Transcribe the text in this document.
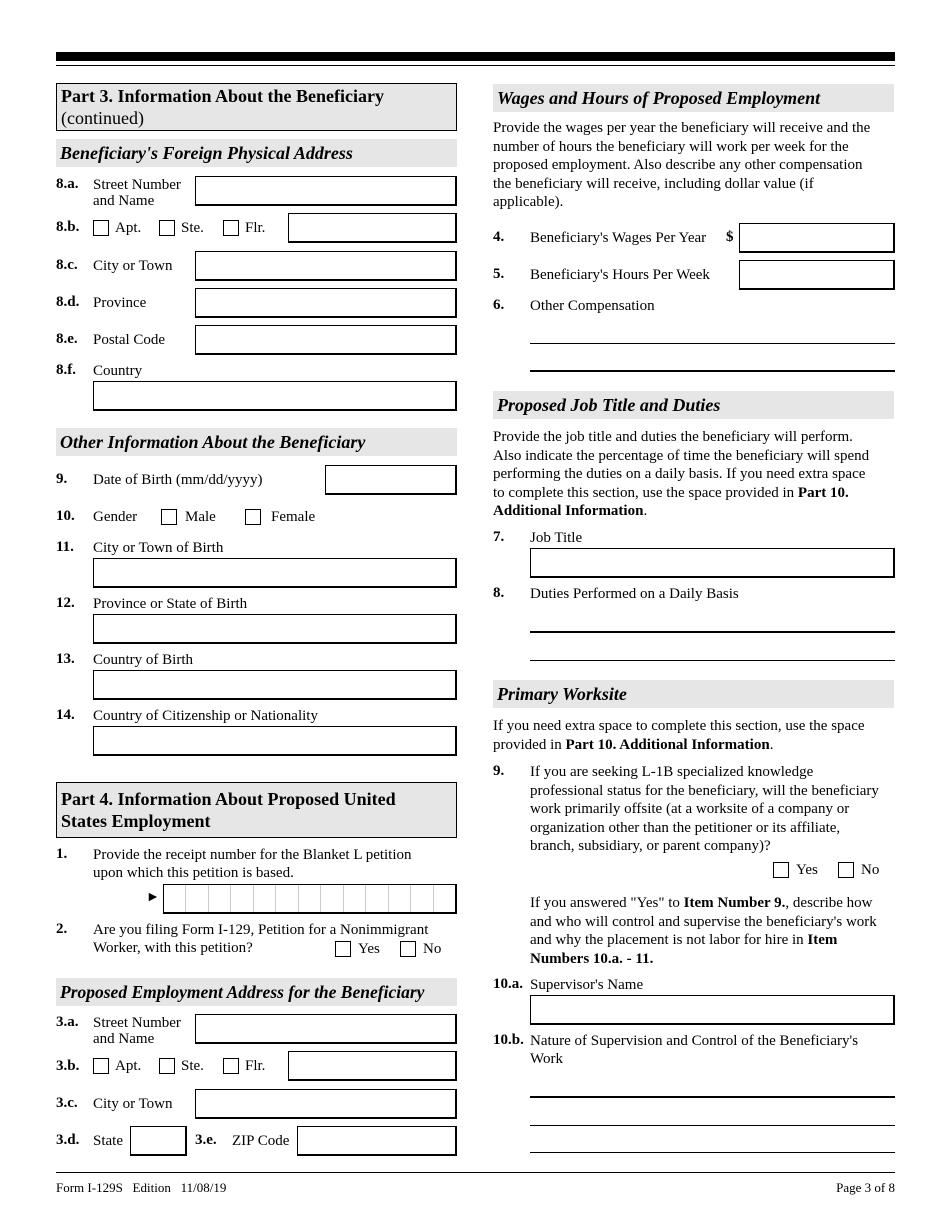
Part 3. Information About the Beneficiary
(continued)
Beneficiary's Foreign Physical Address
8.a. Street Number
and Name
8.b. Apt.	Ste.	Flr.
8.c. City or Town
8.d. Province
8.e. Postal Code
8.f. Country
Other Information About the Beneficiary
9. Date of Birth (mm/dd/yyyy)
10. Gender	Male	Female
11. City or Town of Birth
12. Province or State of Birth
13. Country of Birth
14. Country of Citizenship or Nationality
Part 4. Information About Proposed United
States Employment
1. Provide the receipt number for the Blanket L petition
upon which this petition is based.
►
2. Are you filing Form I-129, Petition for a Nonimmigrant
Worker, with this petition?	Yes	No
Proposed Employment Address for the Beneficiary
3.a. Street Number
and Name
3.b. Apt.	Ste.	Flr.
3.c. City or Town
3.d. State	3.e. ZIP Code
Wages and Hours of Proposed Employment
Provide the wages per year the beneficiary will receive and the
number of hours the beneficiary will work per week for the
proposed employment. Also describe any other compensation
the beneficiary will receive, including dollar value (if
applicable).
4. Beneficiary's Wages Per Year $
5. Beneficiary's Hours Per Week
6. Other Compensation
Proposed Job Title and Duties
Provide the job title and duties the beneficiary will perform.
Also indicate the percentage of time the beneficiary will spend
performing the duties on a daily basis. If you need extra space
to complete this section, use the space provided in Part 10.
Additional Information.
7. Job Title
8. Duties Performed on a Daily Basis
Primary Worksite
If you need extra space to complete this section, use the space
provided in Part 10. Additional Information.
9. If you are seeking L-1B specialized knowledge
professional status for the beneficiary, will the beneficiary
work primarily offsite (at a worksite of a company or
organization other than the petitioner or its affiliate,
branch, subsidiary, or parent company)?
Yes	No
If you answered "Yes" to Item Number 9., describe how
and who will control and supervise the beneficiary's work
and why the placement is not labor for hire in Item
Numbers 10.a. - 11.
10.a. Supervisor's Name
10.b. Nature of Supervision and Control of the Beneficiary's
Work
Form I-129S   Edition   11/08/19	Page 3 of 8
